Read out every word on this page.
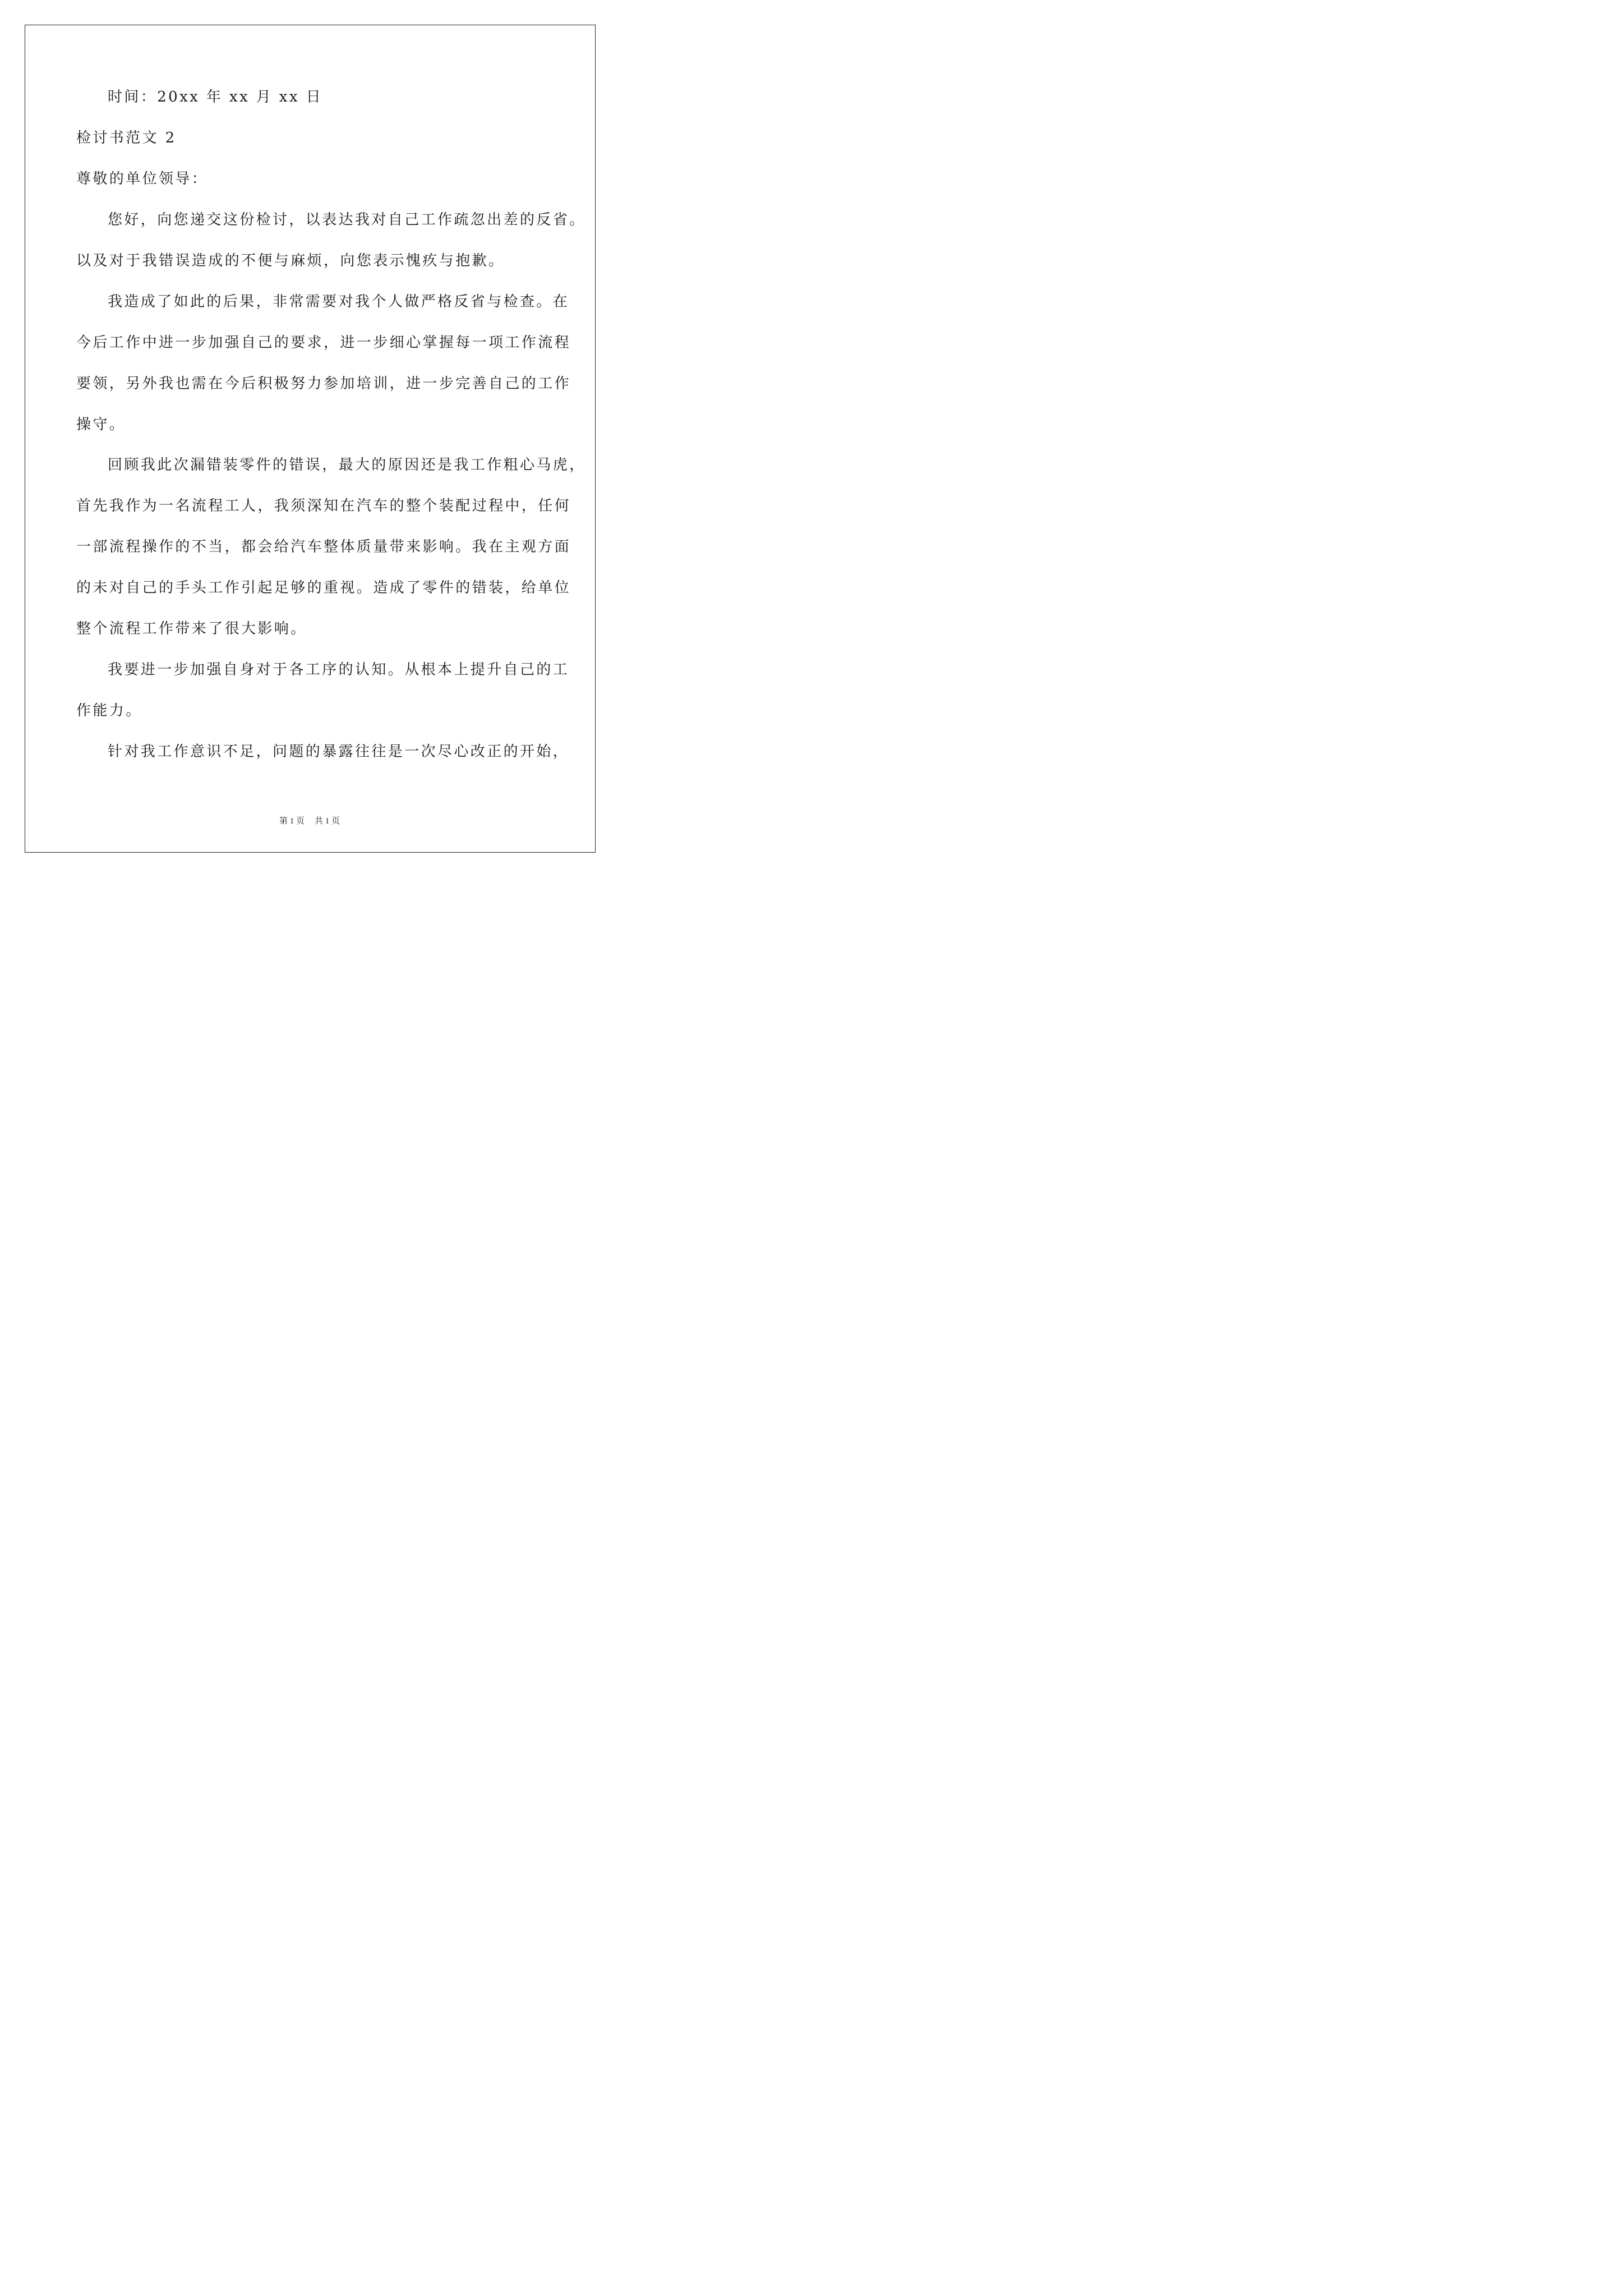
时间：20xx 年 xx 月 xx 日
检讨书范文 2
尊敬的单位领导：
您好，向您递交这份检讨，以表达我对自己工作疏忽出差的反省。
以及对于我错误造成的不便与麻烦，向您表示愧疚与抱歉。
我造成了如此的后果，非常需要对我个人做严格反省与检查。在
今后工作中进一步加强自己的要求，进一步细心掌握每一项工作流程
要领，另外我也需在今后积极努力参加培训，进一步完善自己的工作
操守。
回顾我此次漏错装零件的错误，最大的原因还是我工作粗心马虎，
首先我作为一名流程工人，我须深知在汽车的整个装配过程中，任何
一部流程操作的不当，都会给汽车整体质量带来影响。我在主观方面
的未对自己的手头工作引起足够的重视。造成了零件的错装，给单位
整个流程工作带来了很大影响。
我要进一步加强自身对于各工序的认知。从根本上提升自己的工
作能力。
针对我工作意识不足，问题的暴露往往是一次尽心改正的开始，
第 1 页 共 1 页
